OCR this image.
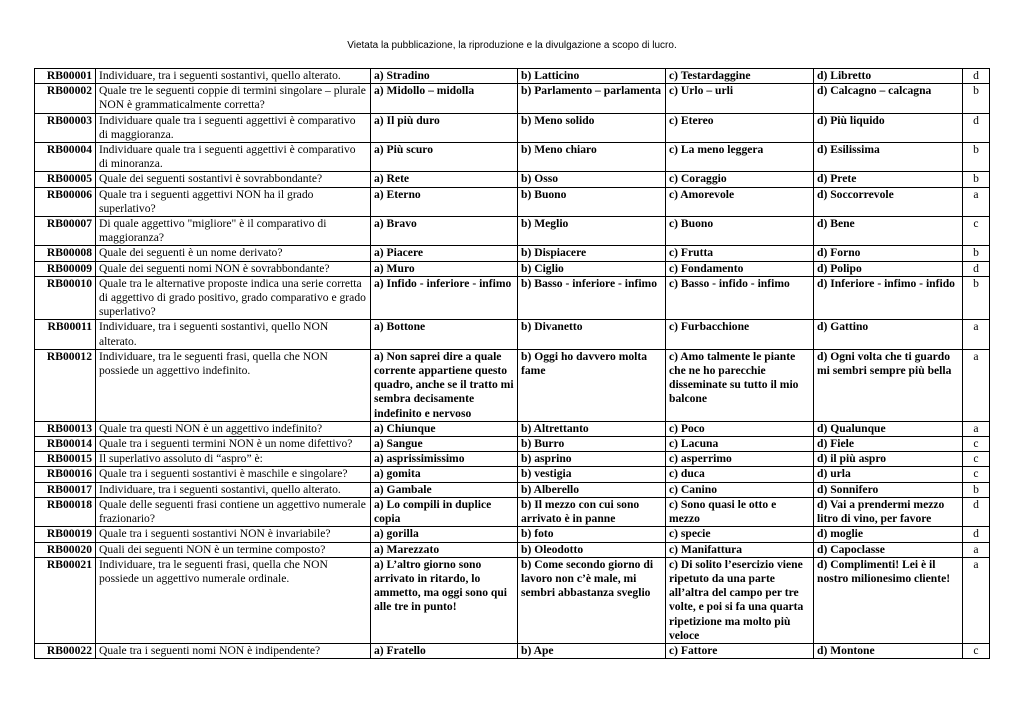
Vietata la pubblicazione, la riproduzione e la divulgazione a scopo di lucro.
RB00001	Individuare, tra i seguenti sostantivi, quello alterato.	a) Stradino	b) Latticino	c) Testardaggine	d) Libretto	d
RB00002	Quale tre le seguenti coppie di termini singolare – plurale NON è grammaticalmente corretta?	a) Midollo – midolla	b) Parlamento – parlamenta	c) Urlo – urli	d) Calcagno – calcagna	b
RB00003	Individuare quale tra i seguenti aggettivi è comparativo di maggioranza.	a) Il più duro	b) Meno solido	c) Etereo	d) Più liquido	d
RB00004	Individuare quale tra i seguenti aggettivi è comparativo di minoranza.	a) Più scuro	b) Meno chiaro	c) La meno leggera	d) Esilissima	b
RB00005	Quale dei seguenti sostantivi è sovrabbondante?	a) Rete	b) Osso	c) Coraggio	d) Prete	b
RB00006	Quale tra i seguenti aggettivi NON ha il grado superlativo?	a) Eterno	b) Buono	c) Amorevole	d) Soccorrevole	a
RB00007	Di quale aggettivo "migliore" è il comparativo di maggioranza?	a) Bravo	b) Meglio	c) Buono	d) Bene	c
RB00008	Quale dei seguenti è un nome derivato?	a) Piacere	b) Dispiacere	c) Frutta	d) Forno	b
RB00009	Quale dei seguenti nomi NON è sovrabbondante?	a) Muro	b) Ciglio	c) Fondamento	d) Polipo	d
RB00010	Quale tra le alternative proposte indica una serie corretta di aggettivo di grado positivo, grado comparativo e grado superlativo?	a) Infido - inferiore - infimo	b) Basso - inferiore - infimo	c) Basso - infido - infimo	d) Inferiore - infimo - infido	b
RB00011	Individuare, tra i seguenti sostantivi, quello NON alterato.	a) Bottone	b) Divanetto	c) Furbacchione	d) Gattino	a
RB00012	Individuare, tra le seguenti frasi, quella che NON possiede un aggettivo indefinito.	a) Non saprei dire a quale corrente appartiene questo quadro, anche se il tratto mi sembra decisamente indefinito e nervoso	b) Oggi ho davvero molta fame	c) Amo talmente le piante che ne ho parecchie disseminate su tutto il mio balcone	d) Ogni volta che ti guardo mi sembri sempre più bella	a
RB00013	Quale tra questi NON è un aggettivo indefinito?	a) Chiunque	b) Altrettanto	c) Poco	d) Qualunque	a
RB00014	Quale tra i seguenti termini NON è un nome difettivo?	a) Sangue	b) Burro	c) Lacuna	d) Fiele	c
RB00015	Il superlativo assoluto di “aspro” è:	a) asprissimissimo	b) asprino	c) asperrimo	d) il più aspro	c
RB00016	Quale tra i seguenti sostantivi è maschile e singolare?	a) gomita	b) vestigia	c) duca	d) urla	c
RB00017	Individuare, tra i seguenti sostantivi, quello alterato.	a) Gambale	b) Alberello	c) Canino	d) Sonnifero	b
RB00018	Quale delle seguenti frasi contiene un aggettivo numerale frazionario?	a) Lo compili in duplice copia	b) Il mezzo con cui sono arrivato è in panne	c) Sono quasi le otto e mezzo	d) Vai a prendermi mezzo litro di vino, per favore	d
RB00019	Quale tra i seguenti sostantivi NON è invariabile?	a) gorilla	b) foto	c) specie	d) moglie	d
RB00020	Quali dei seguenti NON è un termine composto?	a) Marezzato	b) Oleodotto	c) Manifattura	d) Capoclasse	a
RB00021	Individuare, tra le seguenti frasi, quella che NON possiede un aggettivo numerale ordinale.	a) L’altro giorno sono arrivato in ritardo, lo ammetto, ma oggi sono qui alle tre in punto!	b) Come secondo giorno di lavoro non c’è male, mi sembri abbastanza sveglio	c) Di solito l’esercizio viene ripetuto da una parte all’altra del campo per tre volte, e poi si fa una quarta ripetizione ma molto più veloce	d) Complimenti! Lei è il nostro milionesimo cliente!	a
RB00022	Quale tra i seguenti nomi NON è indipendente?	a) Fratello	b) Ape	c) Fattore	d) Montone	c
